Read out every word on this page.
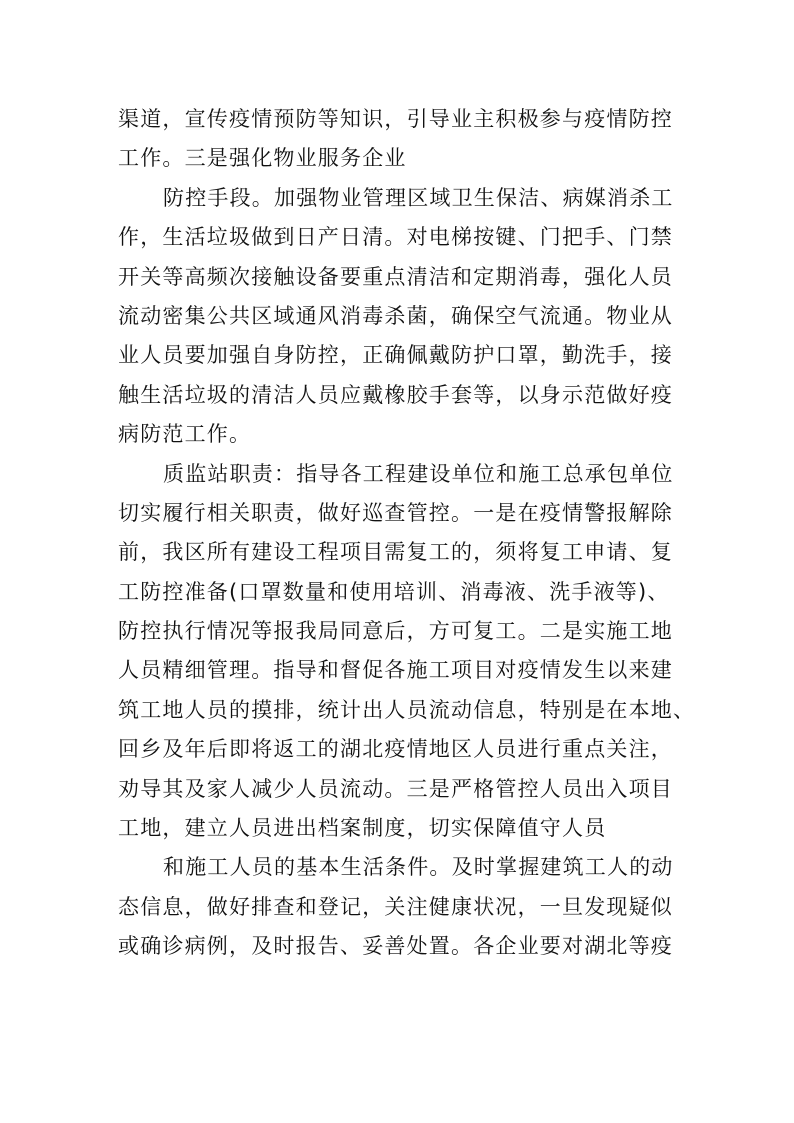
渠道，宣传疫情预防等知识，引导业主积极参与疫情防控
工作。三是强化物业服务企业
防控手段。加强物业管理区域卫生保洁、病媒消杀工
作，生活垃圾做到日产日清。对电梯按键、门把手、门禁
开关等高频次接触设备要重点清洁和定期消毒，强化人员
流动密集公共区域通风消毒杀菌，确保空气流通。物业从
业人员要加强自身防控，正确佩戴防护口罩，勤洗手，接
触生活垃圾的清洁人员应戴橡胶手套等，以身示范做好疫
病防范工作。
质监站职责：指导各工程建设单位和施工总承包单位
切实履行相关职责，做好巡查管控。一是在疫情警报解除
前，我区所有建设工程项目需复工的，须将复工申请、复
工防控准备(口罩数量和使用培训、消毒液、洗手液等)、
防控执行情况等报我局同意后，方可复工。二是实施工地
人员精细管理。指导和督促各施工项目对疫情发生以来建
筑工地人员的摸排，统计出人员流动信息，特别是在本地、
回乡及年后即将返工的湖北疫情地区人员进行重点关注，
劝导其及家人减少人员流动。三是严格管控人员出入项目
工地，建立人员进出档案制度，切实保障值守人员
和施工人员的基本生活条件。及时掌握建筑工人的动
态信息，做好排查和登记，关注健康状况，一旦发现疑似
或确诊病例，及时报告、妥善处置。各企业要对湖北等疫
